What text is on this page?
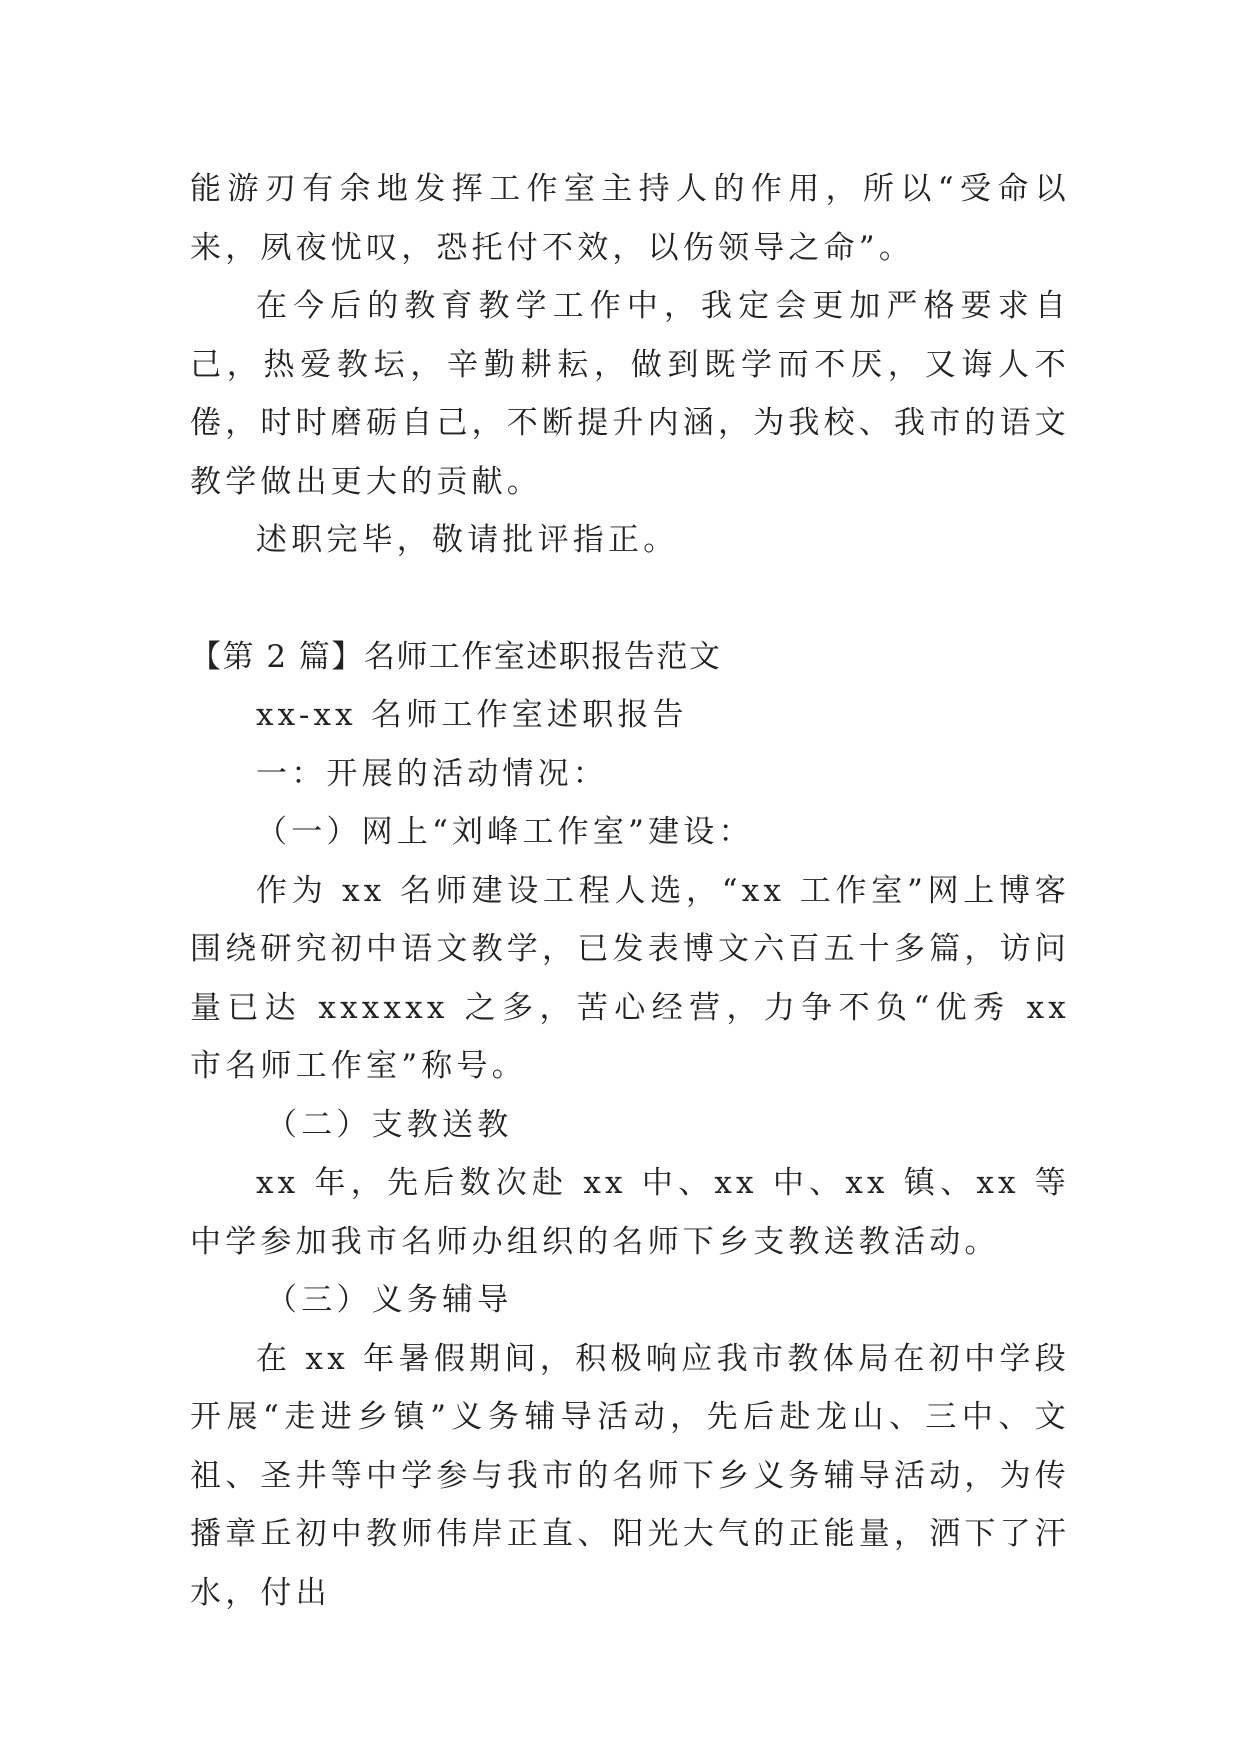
能游刃有余地发挥工作室主持人的作用，所以“受命以来，夙夜忧叹，恐托付不效，以伤领导之命”。

在今后的教育教学工作中，我定会更加严格要求自己，热爱教坛，辛勤耕耘，做到既学而不厌，又诲人不倦，时时磨砺自己，不断提升内涵，为我校、我市的语文教学做出更大的贡献。

述职完毕，敬请批评指正。

【第 2 篇】名师工作室述职报告范文

xx-xx 名师工作室述职报告

一：开展的活动情况：

（一）网上“刘峰工作室”建设：

作为 xx 名师建设工程人选，“xx 工作室”网上博客围绕研究初中语文教学，已发表博文六百五十多篇，访问量已达 xxxxxx 之多，苦心经营，力争不负“优秀 xx 市名师工作室”称号。

（二）支教送教

xx 年，先后数次赴 xx 中、xx 中、xx 镇、xx 等中学参加我市名师办组织的名师下乡支教送教活动。

（三）义务辅导

在 xx 年暑假期间，积极响应我市教体局在初中学段开展“走进乡镇”义务辅导活动，先后赴龙山、三中、文祖、圣井等中学参与我市的名师下乡义务辅导活动，为传播章丘初中教师伟岸正直、阳光大气的正能量，洒下了汗水，付出
